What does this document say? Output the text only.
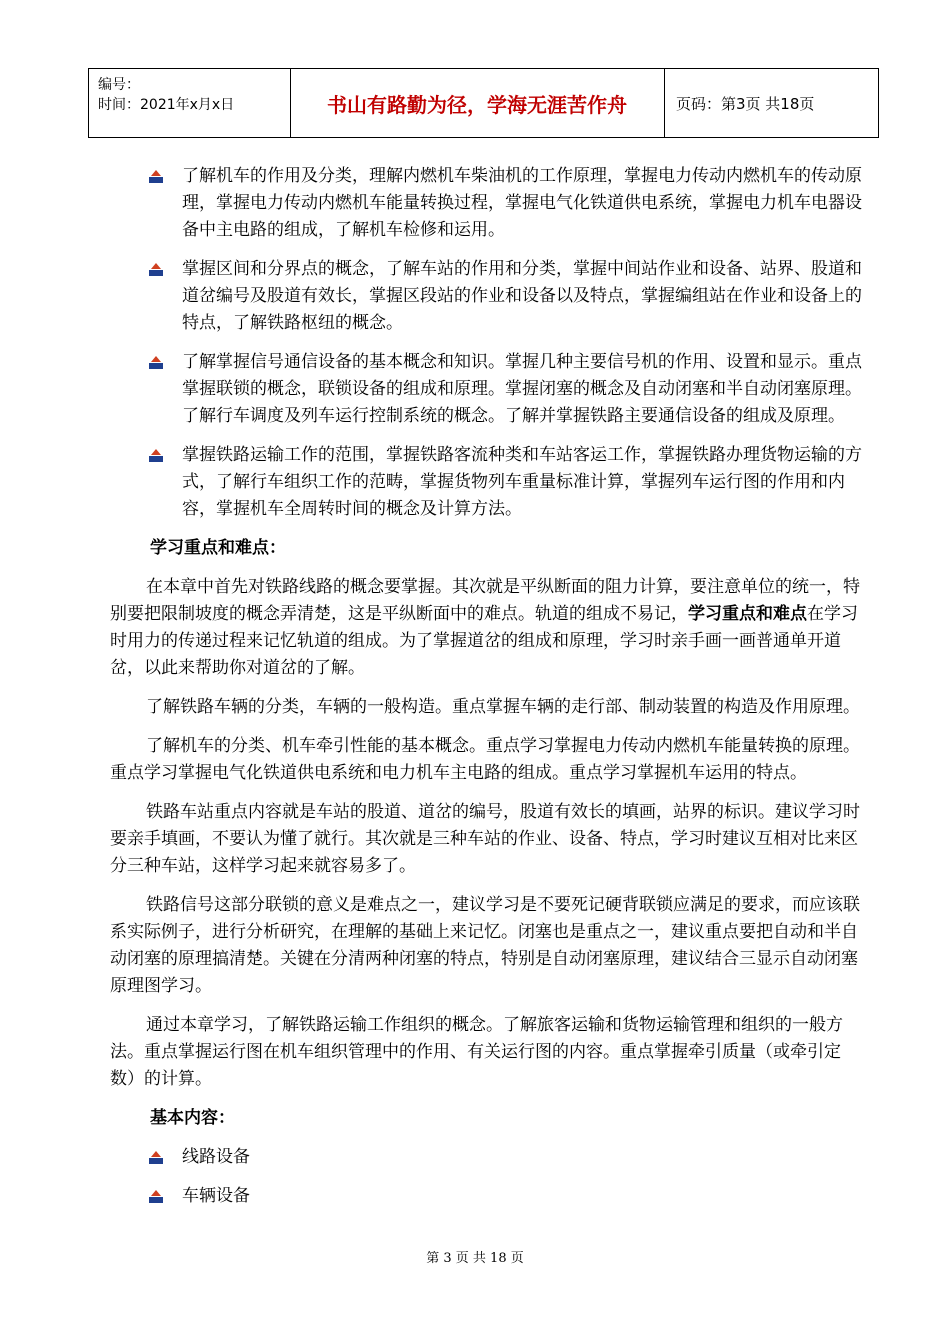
编号：
时间：2021年x月x日	书山有路勤为径，学海无涯苦作舟	页码：第3页 共18页
了解机车的作用及分类，理解内燃机车柴油机的工作原理，掌握电力传动内燃机车的传动原理，掌握电力传动内燃机车能量转换过程，掌握电气化铁道供电系统，掌握电力机车电器设备中主电路的组成，了解机车检修和运用。
掌握区间和分界点的概念，了解车站的作用和分类，掌握中间站作业和设备、站界、股道和道岔编号及股道有效长，掌握区段站的作业和设备以及特点，掌握编组站在作业和设备上的特点，了解铁路枢纽的概念。
了解掌握信号通信设备的基本概念和知识。掌握几种主要信号机的作用、设置和显示。重点掌握联锁的概念，联锁设备的组成和原理。掌握闭塞的概念及自动闭塞和半自动闭塞原理。了解行车调度及列车运行控制系统的概念。了解并掌握铁路主要通信设备的组成及原理。
掌握铁路运输工作的范围，掌握铁路客流种类和车站客运工作，掌握铁路办理货物运输的方式，了解行车组织工作的范畴，掌握货物列车重量标准计算，掌握列车运行图的作用和内容，掌握机车全周转时间的概念及计算方法。
学习重点和难点：
在本章中首先对铁路线路的概念要掌握。其次就是平纵断面的阻力计算，要注意单位的统一，特别要把限制坡度的概念弄清楚，这是平纵断面中的难点。轨道的组成不易记，学习重点和难点在学习时用力的传递过程来记忆轨道的组成。为了掌握道岔的组成和原理，学习时亲手画一画普通单开道岔，以此来帮助你对道岔的了解。
了解铁路车辆的分类，车辆的一般构造。重点掌握车辆的走行部、制动装置的构造及作用原理。
了解机车的分类、机车牵引性能的基本概念。重点学习掌握电力传动内燃机车能量转换的原理。重点学习掌握电气化铁道供电系统和电力机车主电路的组成。重点学习掌握机车运用的特点。
铁路车站重点内容就是车站的股道、道岔的编号，股道有效长的填画，站界的标识。建议学习时要亲手填画，不要认为懂了就行。其次就是三种车站的作业、设备、特点，学习时建议互相对比来区分三种车站，这样学习起来就容易多了。
铁路信号这部分联锁的意义是难点之一，建议学习是不要死记硬背联锁应满足的要求，而应该联系实际例子，进行分析研究，在理解的基础上来记忆。闭塞也是重点之一，建议重点要把自动和半自动闭塞的原理搞清楚。关键在分清两种闭塞的特点，特别是自动闭塞原理，建议结合三显示自动闭塞原理图学习。
通过本章学习，了解铁路运输工作组织的概念。了解旅客运输和货物运输管理和组织的一般方法。重点掌握运行图在机车组织管理中的作用、有关运行图的内容。重点掌握牵引质量（或牵引定数）的计算。
基本内容：
线路设备
车辆设备
第 3 页 共 18 页
